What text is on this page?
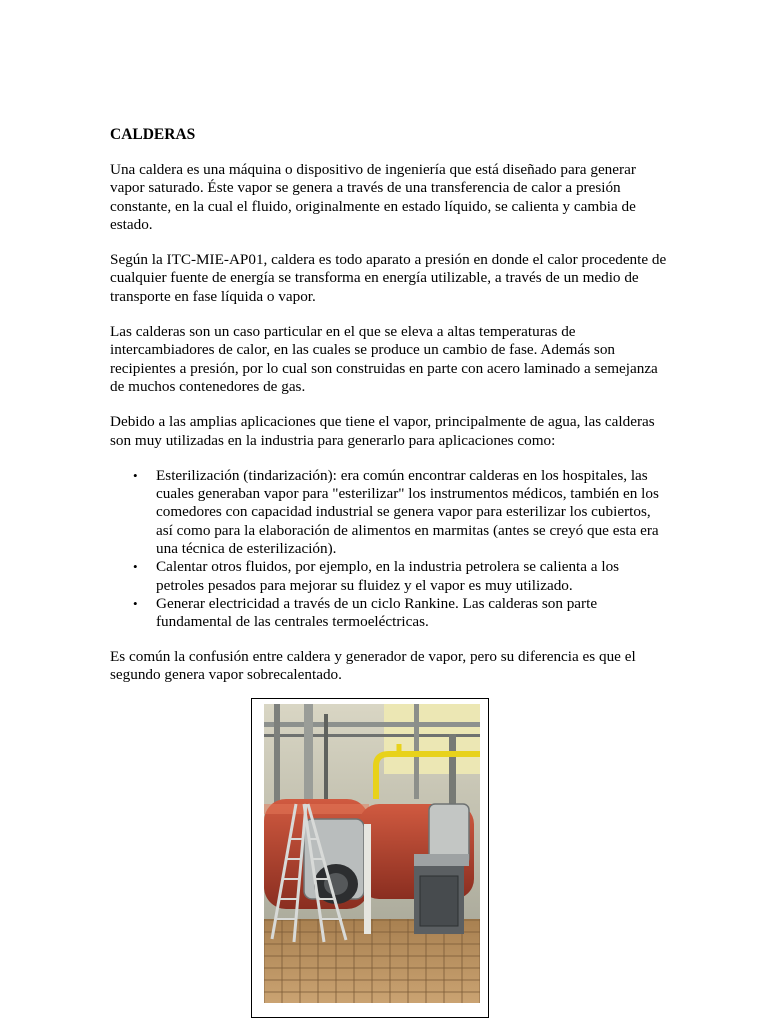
CALDERAS

Una caldera es una máquina o dispositivo de ingeniería que está diseñado para generar vapor saturado. Éste vapor se genera a través de una transferencia de calor a presión constante, en la cual el fluido, originalmente en estado líquido, se calienta y cambia de estado.

Según la ITC-MIE-AP01, caldera es todo aparato a presión en donde el calor procedente de cualquier fuente de energía se transforma en energía utilizable, a través de un medio de transporte en fase líquida o vapor.

Las calderas son un caso particular en el que se eleva a altas temperaturas de intercambiadores de calor, en las cuales se produce un cambio de fase. Además son recipientes a presión, por lo cual son construidas en parte con acero laminado a semejanza de muchos contenedores de gas.

Debido a las amplias aplicaciones que tiene el vapor, principalmente de agua, las calderas son muy utilizadas en la industria para generarlo para aplicaciones como:

• Esterilización (tindarización): era común encontrar calderas en los hospitales, las cuales generaban vapor para "esterilizar" los instrumentos médicos, también en los comedores con capacidad industrial se genera vapor para esterilizar los cubiertos, así como para la elaboración de alimentos en marmitas (antes se creyó que esta era una técnica de esterilización).
• Calentar otros fluidos, por ejemplo, en la industria petrolera se calienta a los petroles pesados para mejorar su fluidez y el vapor es muy utilizado.
• Generar electricidad a través de un ciclo Rankine. Las calderas son parte fundamental de las centrales termoeléctricas.

Es común la confusión entre caldera y generador de vapor, pero su diferencia es que el segundo genera vapor sobrecalentado.
